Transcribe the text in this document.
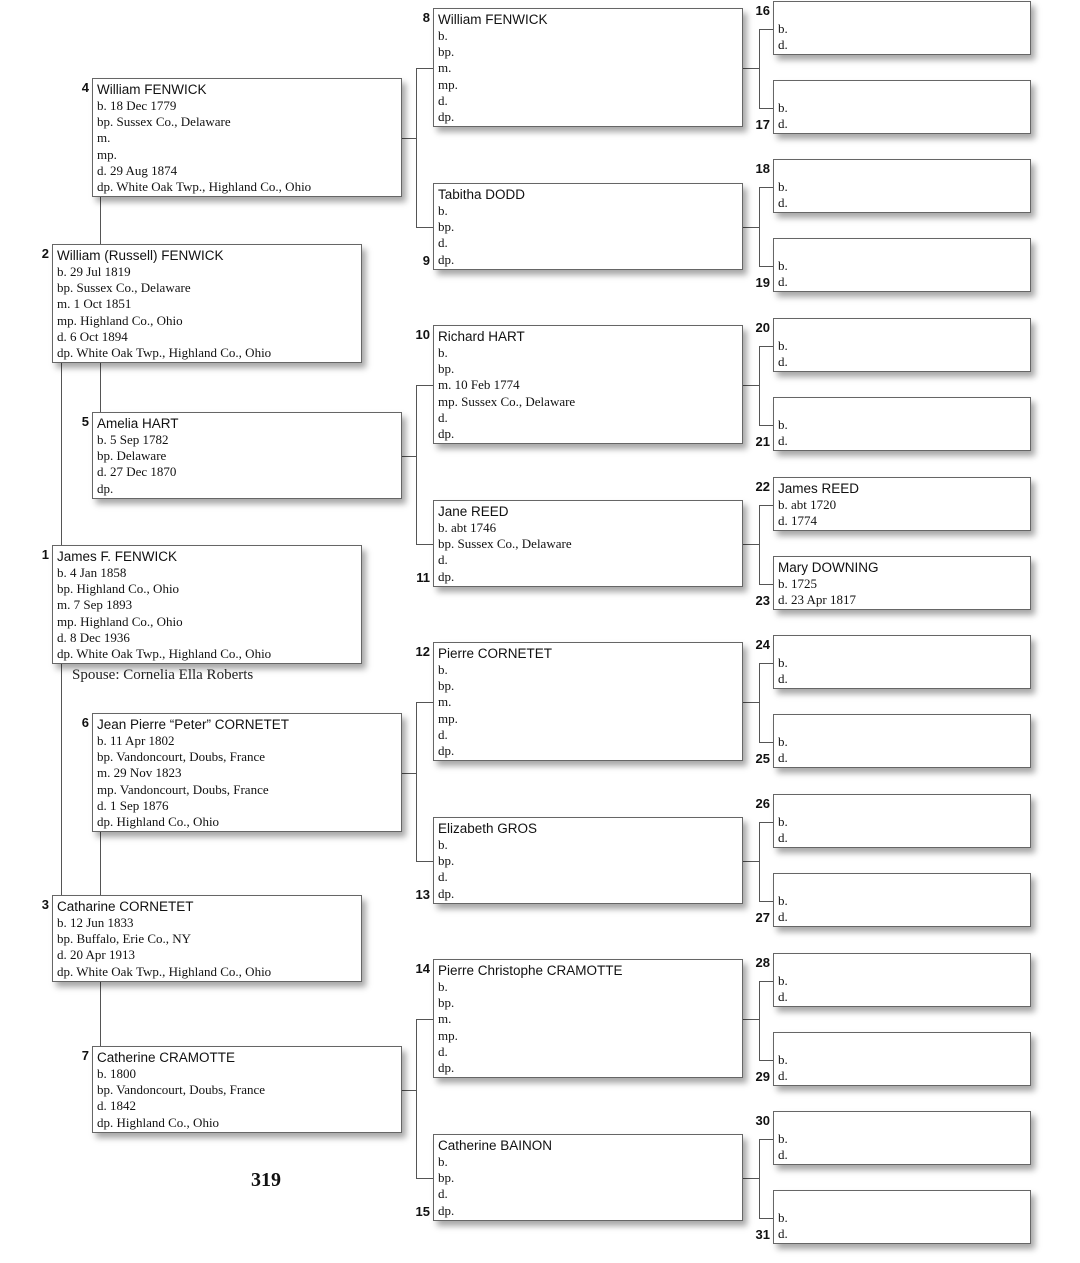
James F. FENWICK
b. 4 Jan 1858
bp. Highland Co., Ohio
m. 7 Sep 1893
mp. Highland Co., Ohio
d. 8 Dec 1936
dp. White Oak Twp., Highland Co., Ohio
1
William (Russell) FENWICK
b. 29 Jul 1819
bp. Sussex Co., Delaware
m. 1 Oct 1851
mp. Highland Co., Ohio
d. 6 Oct 1894
dp. White Oak Twp., Highland Co., Ohio
2
Catharine CORNETET
b. 12 Jun 1833
bp. Buffalo, Erie Co., NY
d. 20 Apr 1913
dp. White Oak Twp., Highland Co., Ohio
3
William FENWICK
b. 18 Dec 1779
bp. Sussex Co., Delaware
m.
mp.
d. 29 Aug 1874
dp. White Oak Twp., Highland Co., Ohio
4
Amelia HART
b. 5 Sep 1782
bp. Delaware
d. 27 Dec 1870
dp.
5
Jean Pierre “Peter” CORNETET
b. 11 Apr 1802
bp. Vandoncourt, Doubs, France
m. 29 Nov 1823
mp. Vandoncourt, Doubs, France
d. 1 Sep 1876
dp. Highland Co., Ohio
6
Catherine CRAMOTTE
b. 1800
bp. Vandoncourt, Doubs, France
d. 1842
dp. Highland Co., Ohio
7
William FENWICK
b.
bp.
m.
mp.
d.
dp.
8
Tabitha DODD
b.
bp.
d.
dp.
9
Richard HART
b.
bp.
m. 10 Feb 1774
mp. Sussex Co., Delaware
d.
dp.
10
Jane REED
b. abt 1746
bp. Sussex Co., Delaware
d.
dp.
11
Pierre CORNETET
b.
bp.
m.
mp.
d.
dp.
12
Elizabeth GROS
b.
bp.
d.
dp.
13
Pierre Christophe CRAMOTTE
b.
bp.
m.
mp.
d.
dp.
14
Catherine BAINON
b.
bp.
d.
dp.
15

b.
d.
16

b.
d.
17

b.
d.
18

b.
d.
19

b.
d.
20

b.
d.
21
James REED
b. abt 1720
d. 1774
22
Mary DOWNING
b. 1725
d. 23 Apr 1817
23

b.
d.
24

b.
d.
25

b.
d.
26

b.
d.
27

b.
d.
28

b.
d.
29

b.
d.
30

b.
d.
31
Spouse: Cornelia Ella Roberts
319
